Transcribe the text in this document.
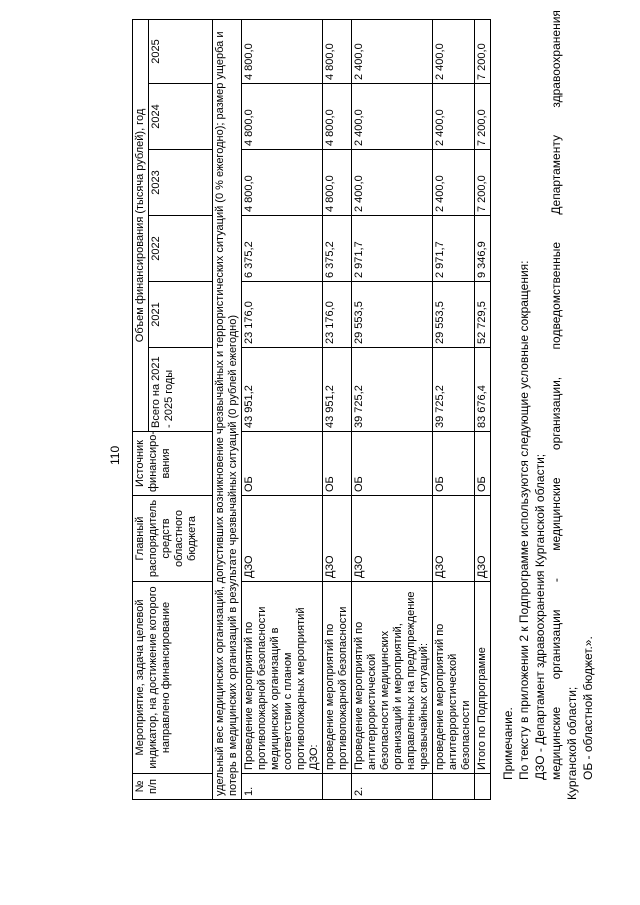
110
№ п/п	Мероприятие, задача целевой индикатор, на достижение которого направлено финансирование	Главный распорядитель средств областного бюджета	Источник финансиро-вания	Объем финансирования (тысяча рублей), год					
				Всего на 2021 - 2025 годы	2021	2022	2023	2024	2025
удельный вес медицинских организаций, допустивших возникновение чрезвычайных и террористических ситуаций (0 % ежегодно); размер ущерба и потерь в медицинских организаций в результате чрезвычайных ситуаций (0 рублей ежегодно)									
1.	Проведение мероприятий по противопожарной безопасности медицинских организаций в соответствии с планом противопожарных мероприятий ДЗО:	ДЗО	ОБ	43 951,2	23 176,0	6 375,2	4 800,0	4 800,0	4 800,0
	проведение мероприятий по противопожарной безопасности	ДЗО	ОБ	43 951,2	23 176,0	6 375,2	4 800,0	4 800,0	4 800,0
2.	Проведение мероприятий по антитеррористической безопасности медицинских организаций и мероприятий, направленных на предупреждение чрезвычайных ситуаций:	ДЗО	ОБ	39 725,2	29 553,5	2 971,7	2 400,0	2 400,0	2 400,0
	проведение мероприятий по антитеррористической безопасности	ДЗО	ОБ	39 725,2	29 553,5	2 971,7	2 400,0	2 400,0	2 400,0
	Итого по Подпрограмме	ДЗО	ОБ	83 676,4	52 729,5	9 346,9	7 200,0	7 200,0	7 200,0

Примечание. По тексту в приложении 2 к Подпрограмме используются следующие условные сокращения: ДЗО - Департамент здравоохранения Курганской области; медицинские
организации
-
медицинские
организации,
подведомственные
Департаменту
здравоохранения

Курганской области; ОБ - областной бюджет.».
